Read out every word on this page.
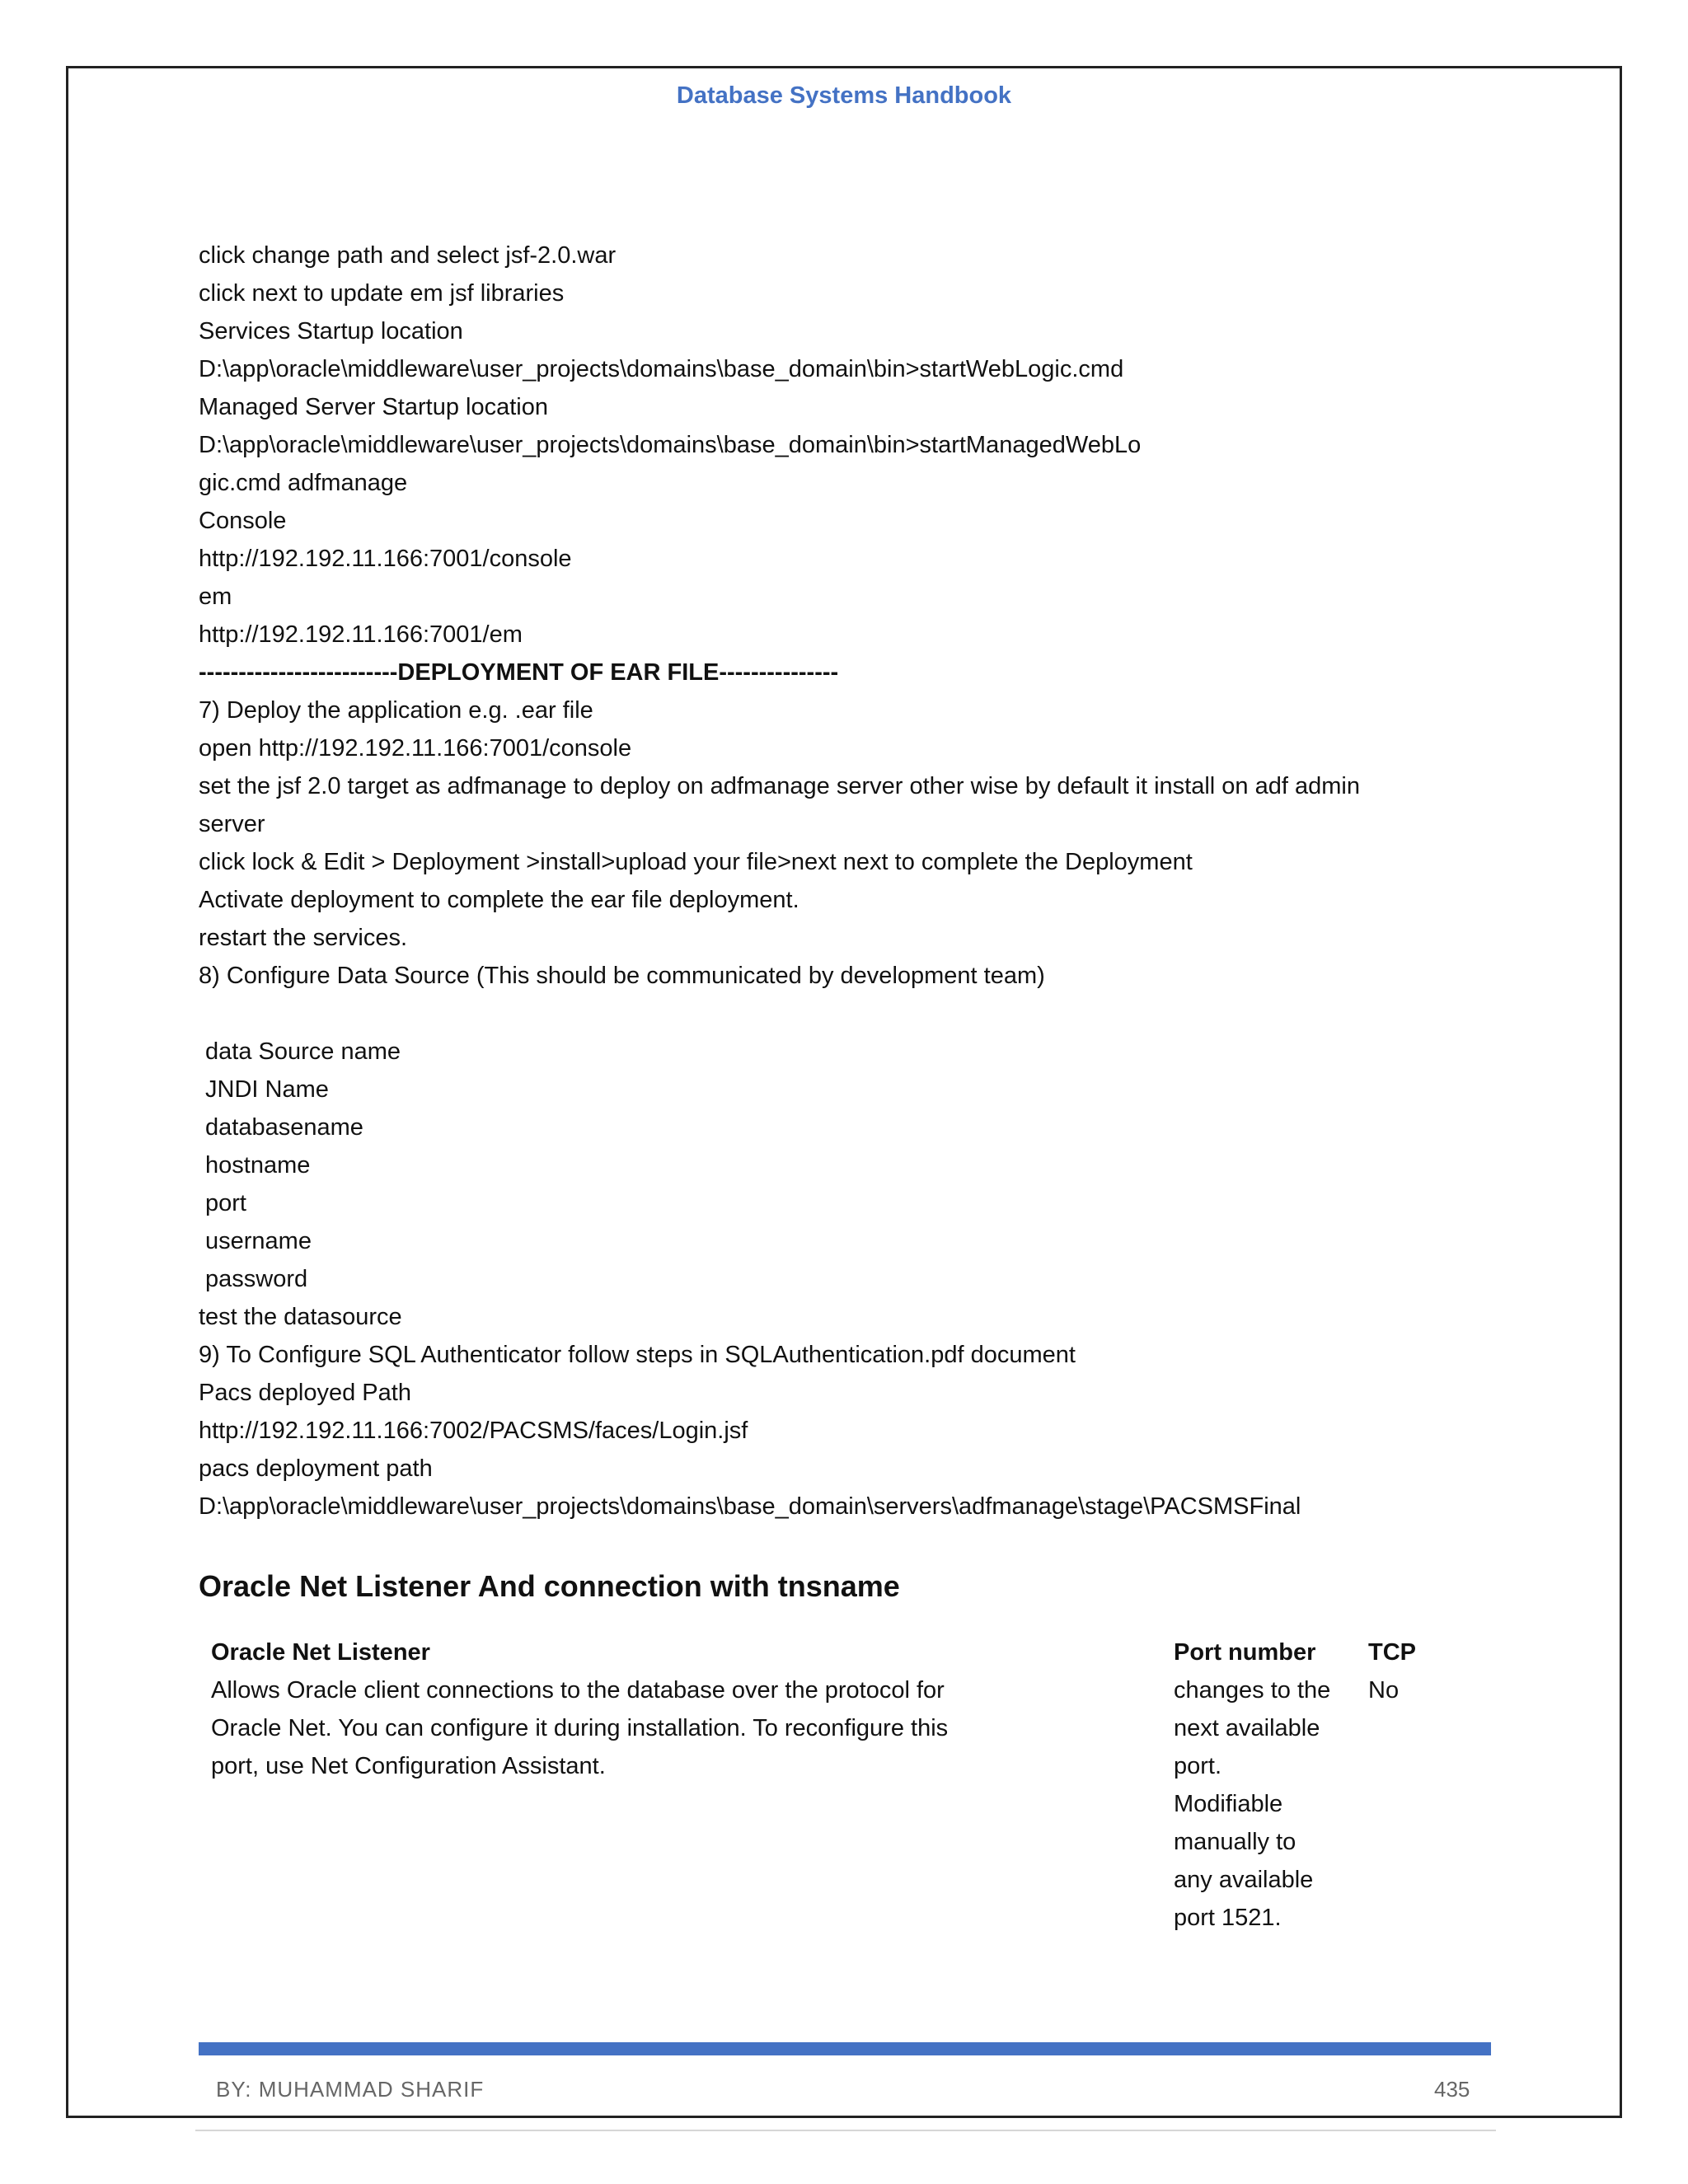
Database Systems Handbook
click change path and select jsf-2.0.war
click next to update em jsf libraries
Services Startup location
D:\app\oracle\middleware\user_projects\domains\base_domain\bin>startWebLogic.cmd
Managed Server Startup location
D:\app\oracle\middleware\user_projects\domains\base_domain\bin>startManagedWebLo
gic.cmd adfmanage
Console
http://192.192.11.166:7001/console
em
http://192.192.11.166:7001/em
-------------------------DEPLOYMENT OF EAR FILE---------------
7) Deploy the application e.g. .ear file
open http://192.192.11.166:7001/console
set the jsf 2.0 target as adfmanage to deploy on adfmanage server other wise by default it install on adf admin
server
click lock & Edit > Deployment >install>upload your file>next next to complete the Deployment
Activate deployment to complete the ear file deployment.
restart the services.
8) Configure Data Source (This should be communicated by development team)
data Source name
JNDI Name
databasename
hostname
port
username
password
test the datasource
9) To Configure SQL Authenticator follow steps in SQLAuthentication.pdf document
Pacs deployed Path
http://192.192.11.166:7002/PACSMS/faces/Login.jsf
pacs deployment path
D:\app\oracle\middleware\user_projects\domains\base_domain\servers\adfmanage\stage\PACSMSFinal
Oracle Net Listener And connection with tnsname
Oracle Net Listener
Allows Oracle client connections to the database over the protocol for
Oracle Net. You can configure it during installation. To reconfigure this
port, use Net Configuration Assistant.
Port number
changes to the
next available
port.
Modifiable
manually to
any available
port 1521.
TCP
No
BY: MUHAMMAD SHARIF	435
